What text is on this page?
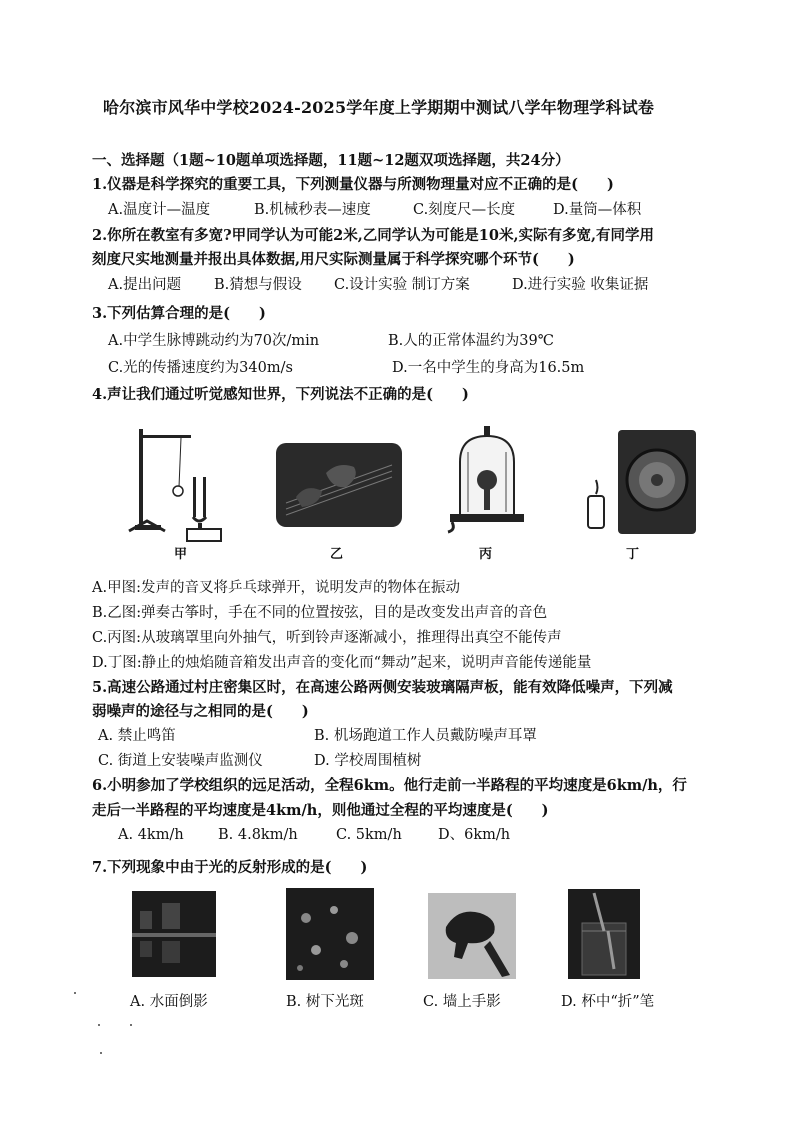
哈尔滨市风华中学校2024-2025学年度上学期期中测试八学年物理学科试卷
一、选择题（1题~10题单项选择题，11题~12题双项选择题，共24分）
1.仪器是科学探究的重要工具，下列测量仪器与所测物理量对应不正确的是(　　)
A.温度计—温度	B.机械秒表—速度	C.刻度尺—长度	D.量筒—体积
2.你所在教室有多宽?甲同学认为可能2米,乙同学认为可能是10米,实际有多宽,有同学用
刻度尺实地测量并报出具体数据,用尺实际测量属于科学探究哪个环节(　　)
A.提出问题 B.猜想与假设 C.设计实验 制订方案	D.进行实验 收集证据
3.下列估算合理的是(　　)
A.中学生脉博跳动约为70次/min	B.人的正常体温约为39℃
C.光的传播速度约为340m/s	D.一名中学生的身高为16.5m
4.声让我们通过听觉感知世界，下列说法不正确的是(　　)
甲	乙	丙	丁
A.甲图:发声的音叉将乒乓球弹开，说明发声的物体在振动
B.乙图:弹奏古筝时，手在不同的位置按弦，目的是改变发出声音的音色
C.丙图:从玻璃罩里向外抽气，听到铃声逐渐减小，推理得出真空不能传声
D.丁图:静止的烛焰随音箱发出声音的变化而“舞动”起来，说明声音能传递能量
5.高速公路通过村庄密集区时，在高速公路两侧安装玻璃隔声板，能有效降低噪声，下列减
弱噪声的途径与之相同的是(　　)
A. 禁止鸣笛	B. 机场跑道工作人员戴防噪声耳罩
C. 街道上安装噪声监测仪	D. 学校周围植树
6.小明参加了学校组织的远足活动，全程6km。他行走前一半路程的平均速度是6km/h，行
走后一半路程的平均速度是4km/h，则他通过全程的平均速度是(　　)
A. 4km/h B. 4.8km/h	C. 5km/h D、6km/h
7.下列现象中由于光的反射形成的是(　　)
A. 水面倒影	B. 树下光斑	C. 墙上手影	D. 杯中“折”笔
